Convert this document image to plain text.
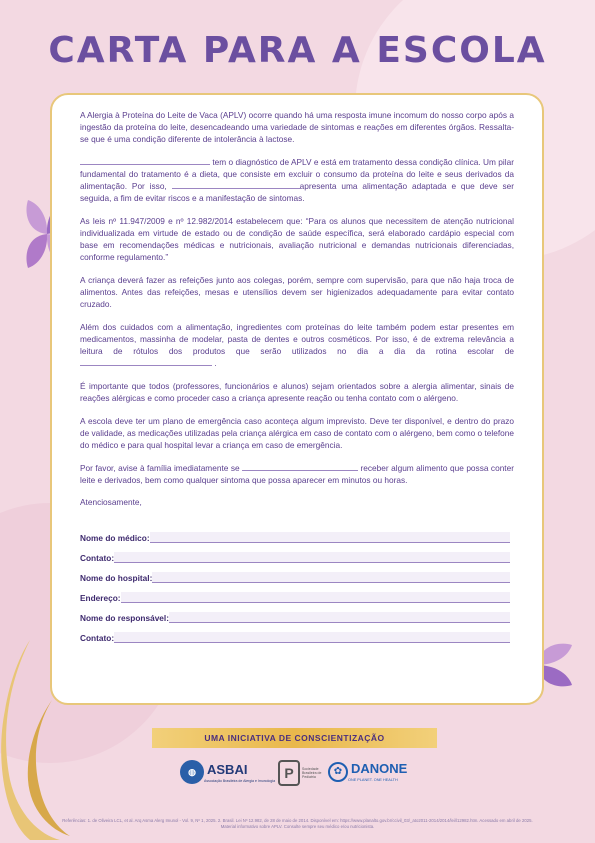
CARTA PARA A ESCOLA

A Alergia à Proteína do Leite de Vaca (APLV) ocorre quando há uma resposta imune incomum do nosso corpo após a ingestão da proteína do leite, desencadeando uma variedade de sintomas e reações em diferentes órgãos. Ressalta-se que é uma condição diferente de intolerância à lactose.

tem o diagnóstico de APLV e está em tratamento dessa condição clínica. Um pilar fundamental do tratamento é a dieta, que consiste em excluir o consumo da proteína do leite e seus derivados da alimentação. Por isso,	apresenta uma alimentação adaptada e que deve ser seguida, a fim de evitar riscos e a manifestação de sintomas.

As leis nº 11.947/2009 e nº 12.982/2014 estabelecem que: “Para os alunos que necessitem de atenção nutricional individualizada em virtude de estado ou de condição de saúde específica, será elaborado cardápio especial com base em recomendações médicas e nutricionais, avaliação nutricional e demandas nutricionais diferenciadas, conforme regulamento.”

A criança deverá fazer as refeições junto aos colegas, porém, sempre com supervisão, para que não haja troca de alimentos. Antes das refeições, mesas e utensílios devem ser higienizados adequadamente para evitar contato cruzado.

Além dos cuidados com a alimentação, ingredientes com proteínas do leite também podem estar presentes em medicamentos, massinha de modelar, pasta de dentes e outros cosméticos. Por isso, é de extrema relevância a leitura de rótulos dos produtos que serão utilizados no dia a dia da rotina escolar de  .

É importante que todos (professores, funcionários e alunos) sejam orientados sobre a alergia alimentar, sinais de reações alérgicas e como proceder caso a criança apresente reação ou tenha contato com o alérgeno.

A escola deve ter um plano de emergência caso aconteça algum imprevisto. Deve ter disponível, e dentro do prazo de validade, as medicações utilizadas pela criança alérgica em caso de contato com o alérgeno, bem como o telefone do médico e para qual hospital levar a criança em caso de emergência.

Por favor, avise à família imediatamente se	receber algum alimento que possa conter leite e derivados, bem como qualquer sintoma que possa aparecer em minutos ou horas.

Atenciosamente,

Nome do médico:
Contato:
Nome do hospital:
Endereço:
Nome do responsável:
Contato:
UMA INICIATIVA DE CONSCIENTIZAÇÃO
◍ ASBAI
Associação Brasileira de Alergia e Imunologia P	Sociedade Brasileira de Pediatria	✿ DANONE
ONE PLANET. ONE HEALTH
Referências: 1. de Oliveira LCL, et al. Arq Asma Alerg Imunol - Vol. 9, Nº 1, 2025. 2. Brasil. Lei Nº 12.982, de 28 de maio de 2014. Disponível em: https://www.planalto.gov.br/ccivil_03/_ato2011-2014/2014/lei/l12982.htm. Acessado em abril de 2025. Material informativo sobre APLV. Consulte sempre seu médico e/ou nutricionista.
